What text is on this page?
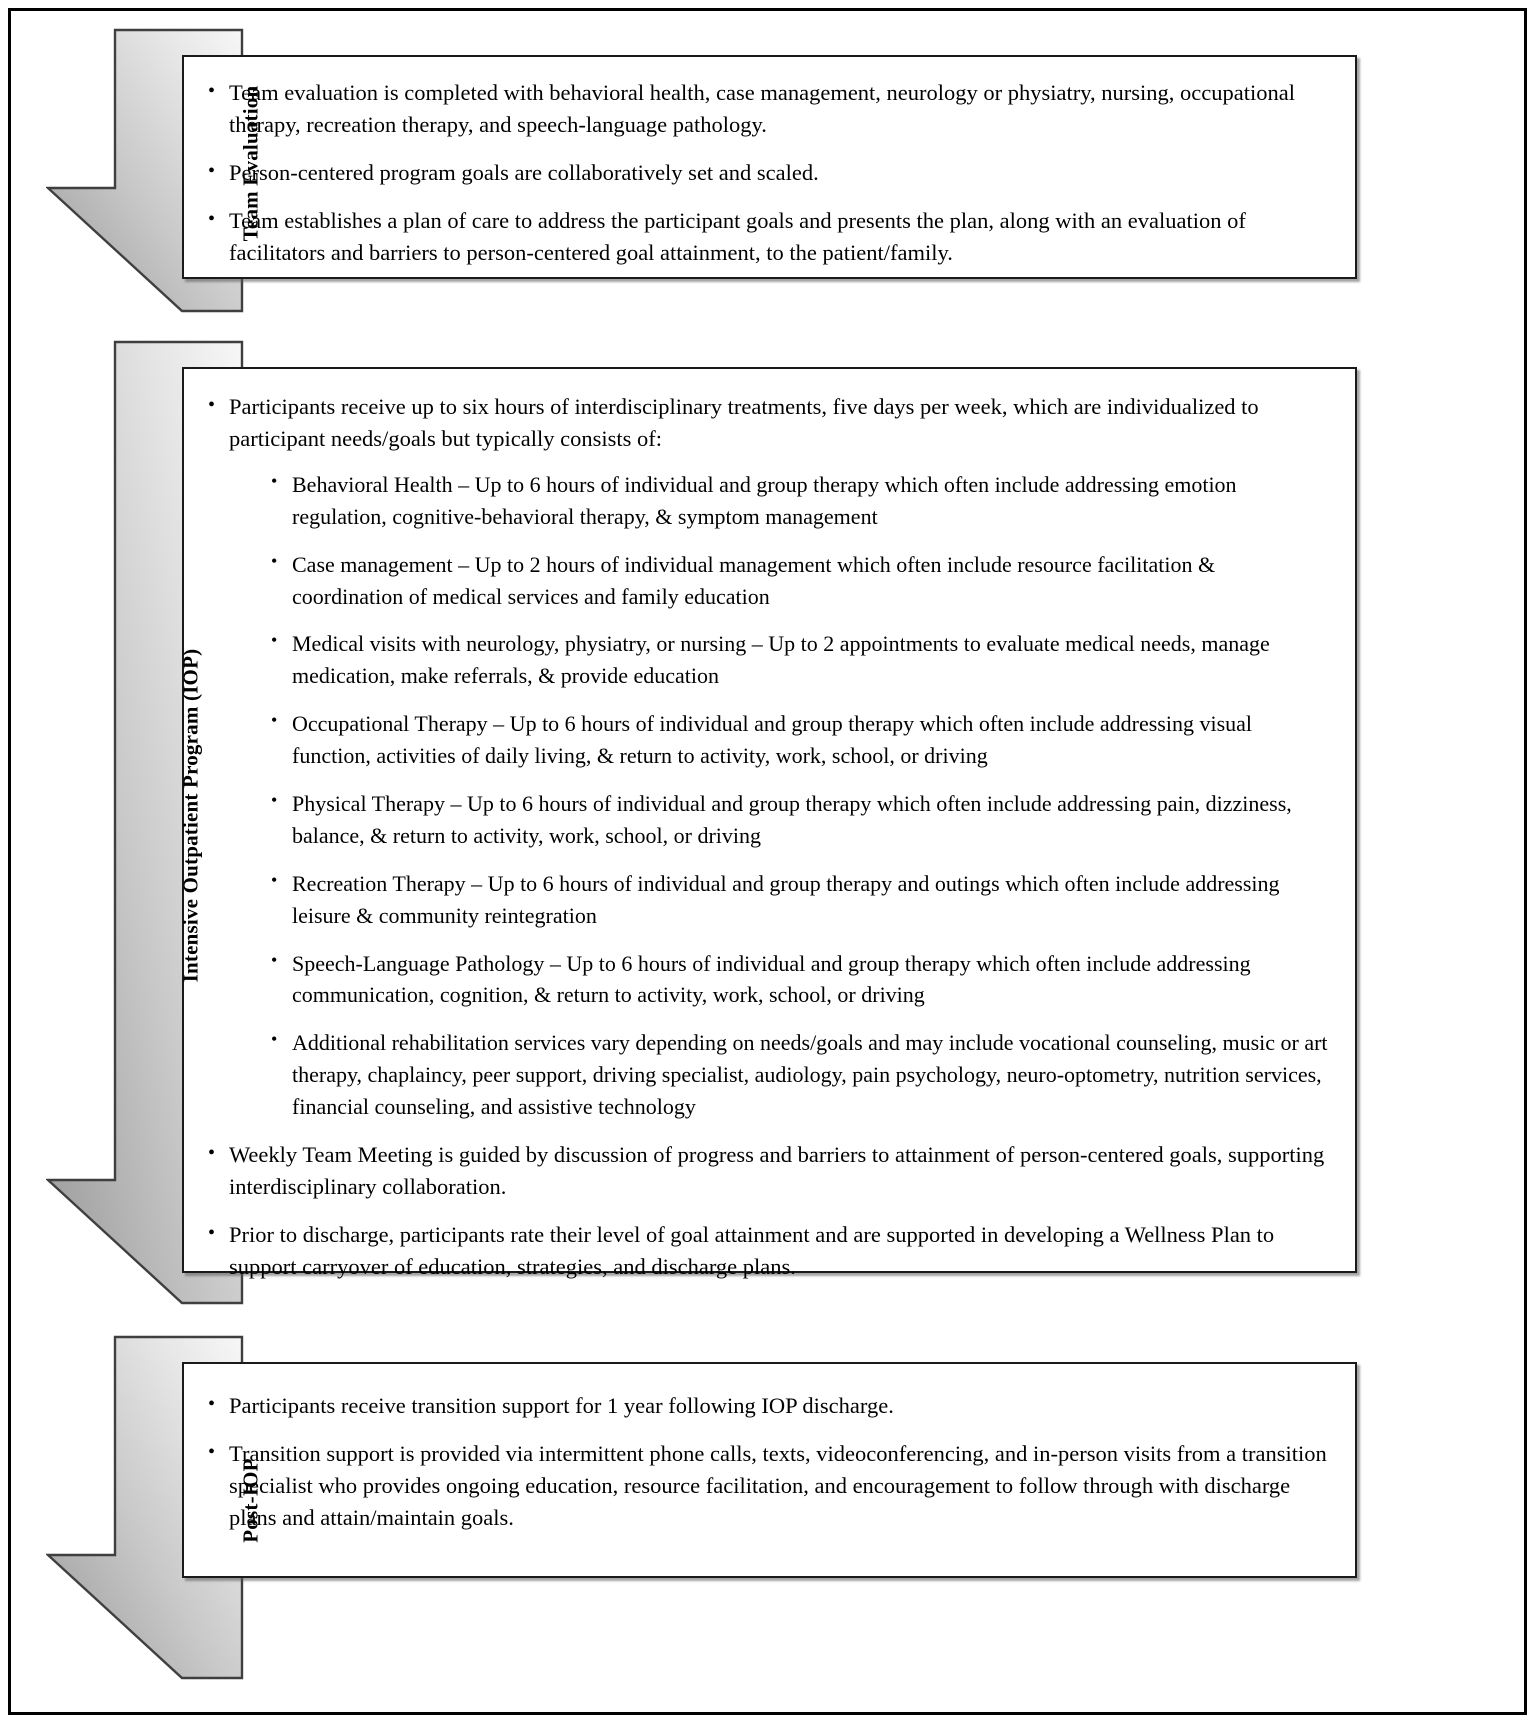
Team Evaluation
• Team evaluation is completed with behavioral health, case management, neurology or physiatry, nursing, occupational therapy, recreation therapy, and speech-language pathology.
• Person-centered program goals are collaboratively set and scaled.
• Team establishes a plan of care to address the participant goals and presents the plan, along with an evaluation of facilitators and barriers to person-centered goal attainment, to the patient/family.
Intensive Outpatient Program (IOP)
• Participants receive up to six hours of interdisciplinary treatments, five days per week, which are individualized to participant needs/goals but typically consists of:
• Behavioral Health – Up to 6 hours of individual and group therapy which often include addressing emotion regulation, cognitive-behavioral therapy, & symptom management
• Case management – Up to 2 hours of individual management which often include resource facilitation & coordination of medical services and family education
• Medical visits with neurology, physiatry, or nursing – Up to 2 appointments to evaluate medical needs, manage medication, make referrals, & provide education
• Occupational Therapy – Up to 6 hours of individual and group therapy which often include addressing visual function, activities of daily living, & return to activity, work, school, or driving
• Physical Therapy – Up to 6 hours of individual and group therapy which often include addressing pain, dizziness, balance, & return to activity, work, school, or driving
• Recreation Therapy – Up to 6 hours of individual and group therapy and outings which often include addressing leisure & community reintegration
• Speech-Language Pathology – Up to 6 hours of individual and group therapy which often include addressing communication, cognition, & return to activity, work, school, or driving
• Additional rehabilitation services vary depending on needs/goals and may include vocational counseling, music or art therapy, chaplaincy, peer support, driving specialist, audiology, pain psychology, neuro-optometry, nutrition services, financial counseling, and assistive technology
• Weekly Team Meeting is guided by discussion of progress and barriers to attainment of person-centered goals, supporting interdisciplinary collaboration.
• Prior to discharge, participants rate their level of goal attainment and are supported in developing a Wellness Plan to support carryover of education, strategies, and discharge plans.
Post-IOP
• Participants receive transition support for 1 year following IOP discharge.
• Transition support is provided via intermittent phone calls, texts, videoconferencing, and in-person visits from a transition specialist who provides ongoing education, resource facilitation, and encouragement to follow through with discharge plans and attain/maintain goals.
